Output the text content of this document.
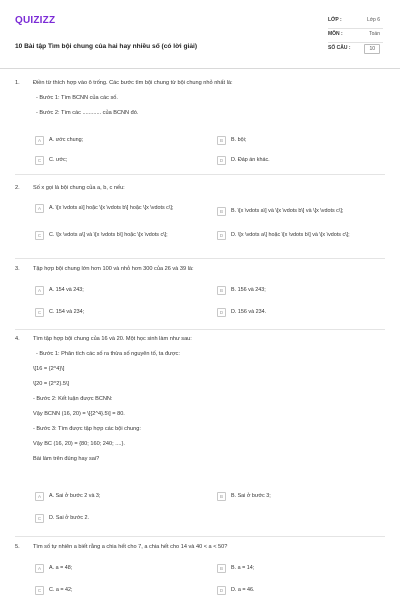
QUIZIZZ
10 Bài tập Tìm bội chung của hai hay nhiều số (có lời giải)
LỚP :	Lớp 6
MÔN :	Toán
SỐ CÂU :	10
1. Điền từ thích hợp vào ô trống. Các bước tìm bội chung từ bội chung nhỏ nhất là:
- Bước 1: Tìm BCNN của các số.
- Bước 2: Tìm các ............ của BCNN đó.
A	A. ước chung;	B	B. bội;
C	C. ước;	D	D. Đáp án khác.
2. Số x gọi là bội chung của a, b, c nếu:
A	A. \[x \vdots a\] hoặc \[x \vdots b\] hoặc \[x \vdots c\];
B	B. \[x \vdots a\] và \[x \vdots b\] và \[x \vdots c\];
C	C. \[x \vdots a\] và \[x \vdots b\] hoặc \[x \vdots c\];	D	D. \[x \vdots a\] hoặc \[x \vdots b\] và \[x \vdots c\];
3. Tập hợp bội chung lớn hơn 100 và nhỏ hơn 300 của 26 và 39 là:
A	A. 154 và 243;	B	B. 156 và 243;
C	C. 154 và 234;	D	D. 156 và 234.
4. Tìm tập hợp bội chung của 16 và 20. Một học sinh làm như sau:
- Bước 1: Phân tích các số ra thừa số nguyên tố, ta được:
\[16 = {2^4}\]
\[20 = {2^2}.5\]
- Bước 2: Kết luận được BCNN:
Vậy BCNN (16, 20) = \[{2^4}.5\] = 80.
- Bước 3: Tìm được tập hợp các bội chung:
Vậy BC (16, 20) = {80; 160; 240; ....}.
Bài làm trên đúng hay sai?
A	A. Sai ở bước 2 và 3;	B	B. Sai ở bước 3;
C	D. Sai ở bước 2.
5. Tìm số tự nhiên a biết rằng a chia hết cho 7, a chia hết cho 14 và 40 < a < 50?
A	A. a = 48;	B	B. a = 14;
C	C. a = 42;	D	D. a = 46.
